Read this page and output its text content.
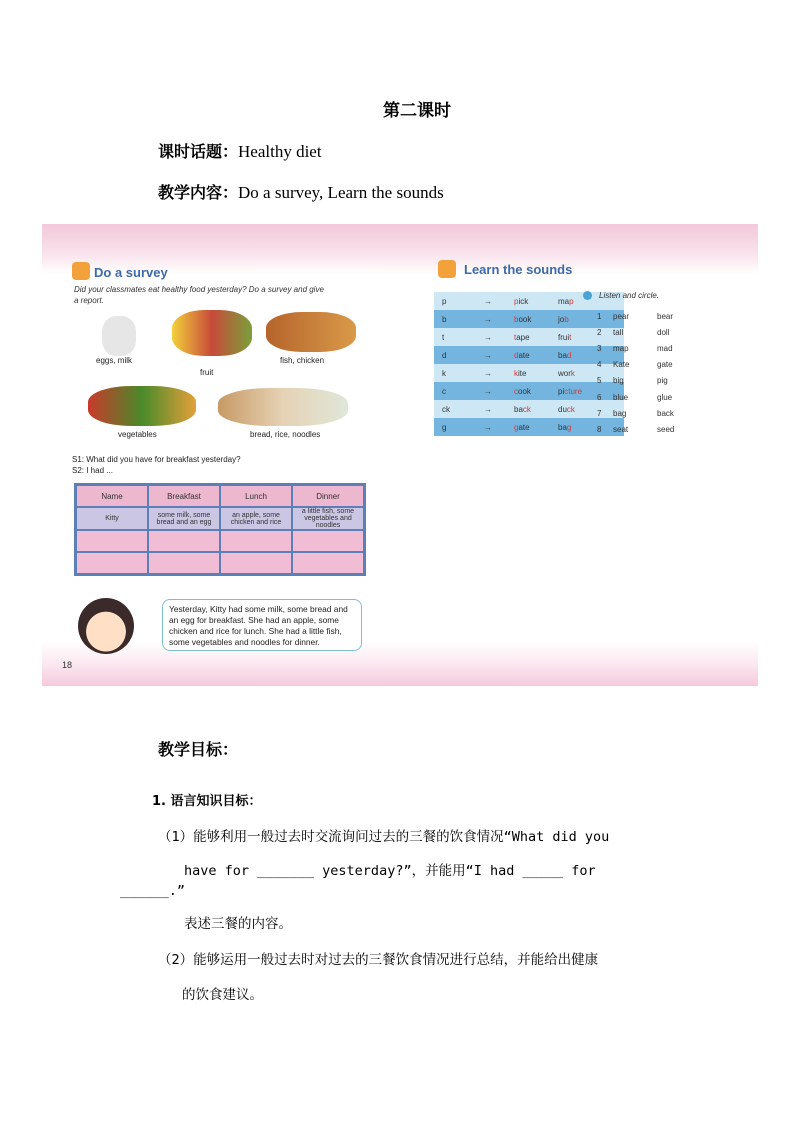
第二课时
课时话题：Healthy diet
教学内容：Do a survey, Learn the sounds
Do a survey
Did your classmates eat healthy food yesterday? Do a survey and give
a report.
eggs, milk
fruit
fish, chicken
vegetables	bread, rice, noodles
S1: What did you have for breakfast yesterday?
S2: I had ...
Name	Breakfast	Lunch	Dinner
Kitty	some milk, some bread and an egg	an apple, some chicken and rice	a little fish, some vegetables and noodles

Yesterday, Kitty had some milk, some bread and an egg for breakfast. She had an apple, some chicken and rice for lunch. She had a little fish, some vegetables and noodles for dinner.
18
Learn the sounds
p	→	pick	map	
b	→	book	job	
t	→	tape	fruit	
d	→	date	bad	
k	→	kite	work	
c	→	cook	picture	
ck	→	back	duck	
g	→	gate	bag	
Listen and circle.
1	pear	bear
2	tall	doll
3	map	mad
4	Kate	gate
5	big	pig
6	blue	glue
7	bag	back
8	seat	seed
教学目标：
1. 语言知识目标：
（1）能够利用一般过去时交流询问过去的三餐的饮食情况“What did you
have for _______ yesterday?”，并能用“I had _____ for
______.”
表述三餐的内容。
（2）能够运用一般过去时对过去的三餐饮食情况进行总结，并能给出健康
的饮食建议。
